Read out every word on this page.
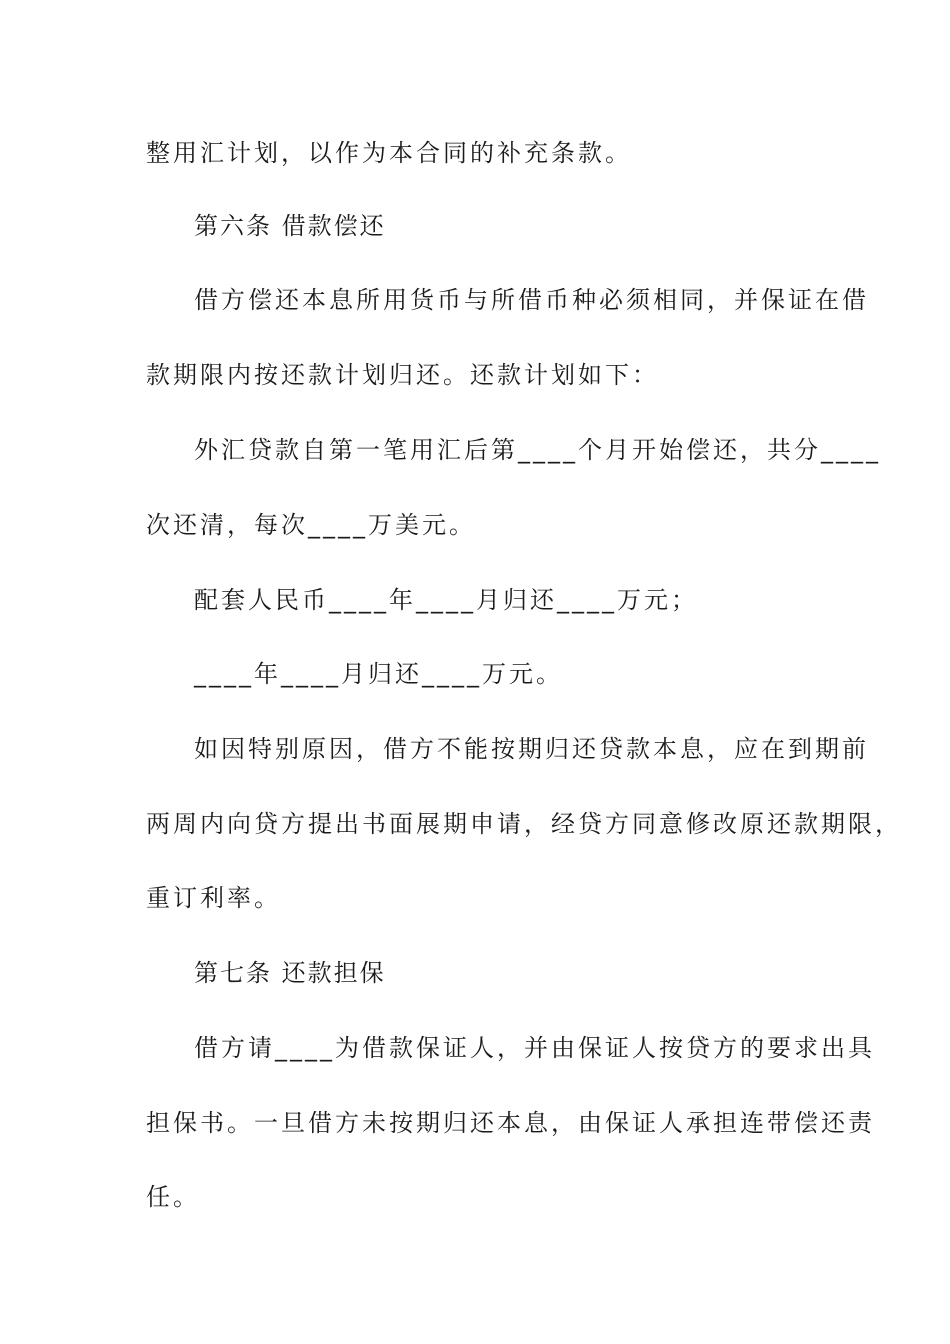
整用汇计划，以作为本合同的补充条款。
第六条 借款偿还
借方偿还本息所用货币与所借币种必须相同，并保证在借
款期限内按还款计划归还。还款计划如下：
外汇贷款自第一笔用汇后第____个月开始偿还，共分____
次还清，每次____万美元。
配套人民币____年____月归还____万元；
____年____月归还____万元。
如因特别原因，借方不能按期归还贷款本息，应在到期前
两周内向贷方提出书面展期申请，经贷方同意修改原还款期限，
重订利率。
第七条 还款担保
借方请____为借款保证人，并由保证人按贷方的要求出具
担保书。一旦借方未按期归还本息，由保证人承担连带偿还责
任。
